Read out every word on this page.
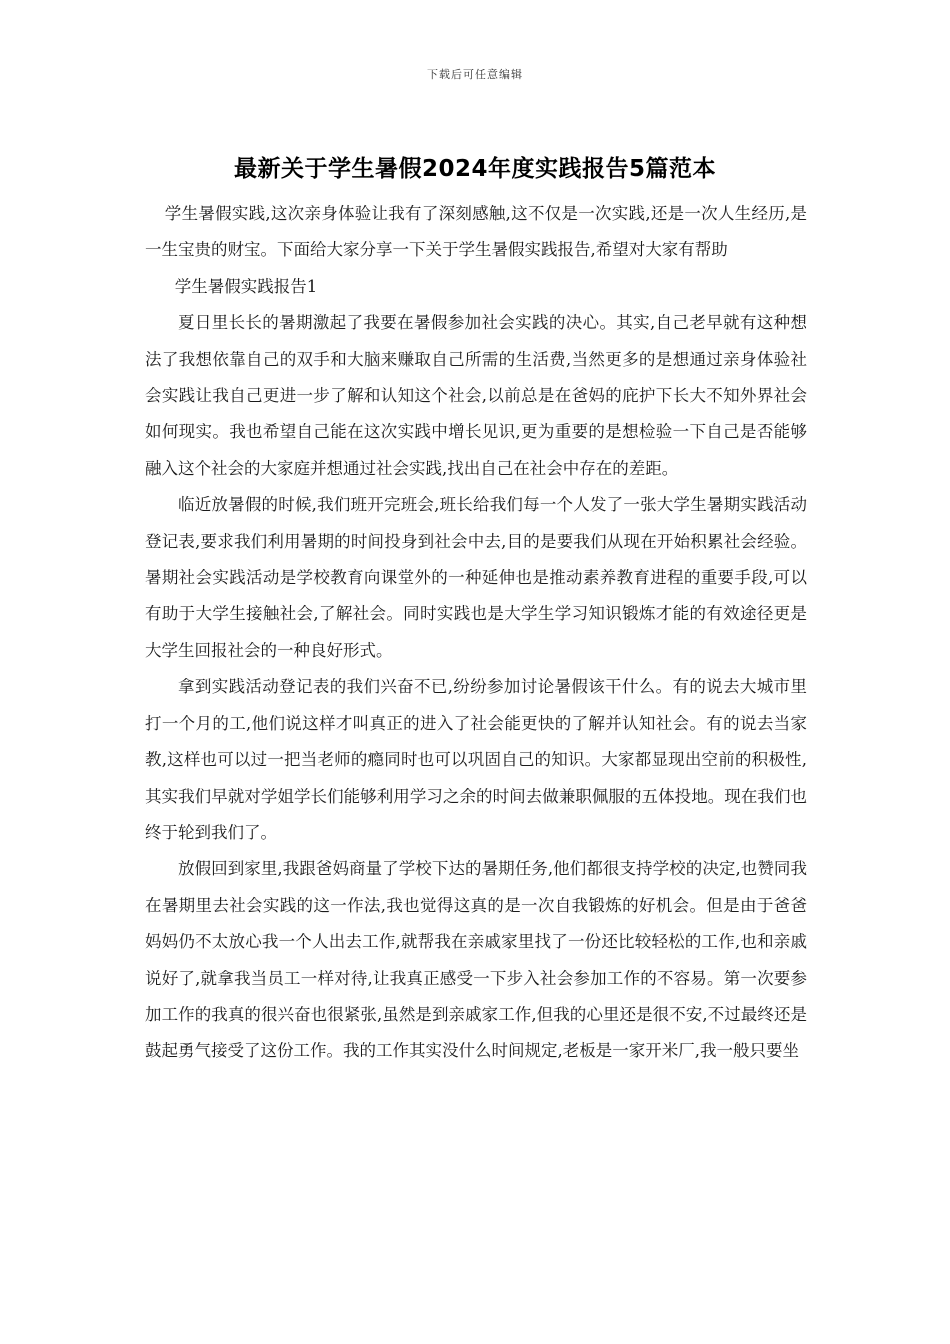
下载后可任意编辑
最新关于学生暑假2024年度实践报告5篇范本

学生暑假实践,这次亲身体验让我有了深刻感触,这不仅是一次实践,还是一次人生经历,是一生宝贵的财宝。下面给大家分享一下关于学生暑假实践报告,希望对大家有帮助

学生暑假实践报告1

夏日里长长的暑期激起了我要在暑假参加社会实践的决心。其实,自己老早就有这种想法了我想依靠自己的双手和大脑来赚取自己所需的生活费,当然更多的是想通过亲身体验社会实践让我自己更进一步了解和认知这个社会,以前总是在爸妈的庇护下长大不知外界社会如何现实。我也希望自己能在这次实践中增长见识,更为重要的是想检验一下自己是否能够融入这个社会的大家庭并想通过社会实践,找出自己在社会中存在的差距。

临近放暑假的时候,我们班开完班会,班长给我们每一个人发了一张大学生暑期实践活动登记表,要求我们利用暑期的时间投身到社会中去,目的是要我们从现在开始积累社会经验。暑期社会实践活动是学校教育向课堂外的一种延伸也是推动素养教育进程的重要手段,可以有助于大学生接触社会,了解社会。同时实践也是大学生学习知识锻炼才能的有效途径更是大学生回报社会的一种良好形式。

拿到实践活动登记表的我们兴奋不已,纷纷参加讨论暑假该干什么。有的说去大城市里打一个月的工,他们说这样才叫真正的进入了社会能更快的了解并认知社会。有的说去当家教,这样也可以过一把当老师的瘾同时也可以巩固自己的知识。大家都显现出空前的积极性,其实我们早就对学姐学长们能够利用学习之余的时间去做兼职佩服的五体投地。现在我们也终于轮到我们了。

放假回到家里,我跟爸妈商量了学校下达的暑期任务,他们都很支持学校的决定,也赞同我在暑期里去社会实践的这一作法,我也觉得这真的是一次自我锻炼的好机会。但是由于爸爸妈妈仍不太放心我一个人出去工作,就帮我在亲戚家里找了一份还比较轻松的工作,也和亲戚说好了,就拿我当员工一样对待,让我真正感受一下步入社会参加工作的不容易。第一次要参加工作的我真的很兴奋也很紧张,虽然是到亲戚家工作,但我的心里还是很不安,不过最终还是鼓起勇气接受了这份工作。我的工作其实没什么时间规定,老板是一家开米厂,我一般只要坐
